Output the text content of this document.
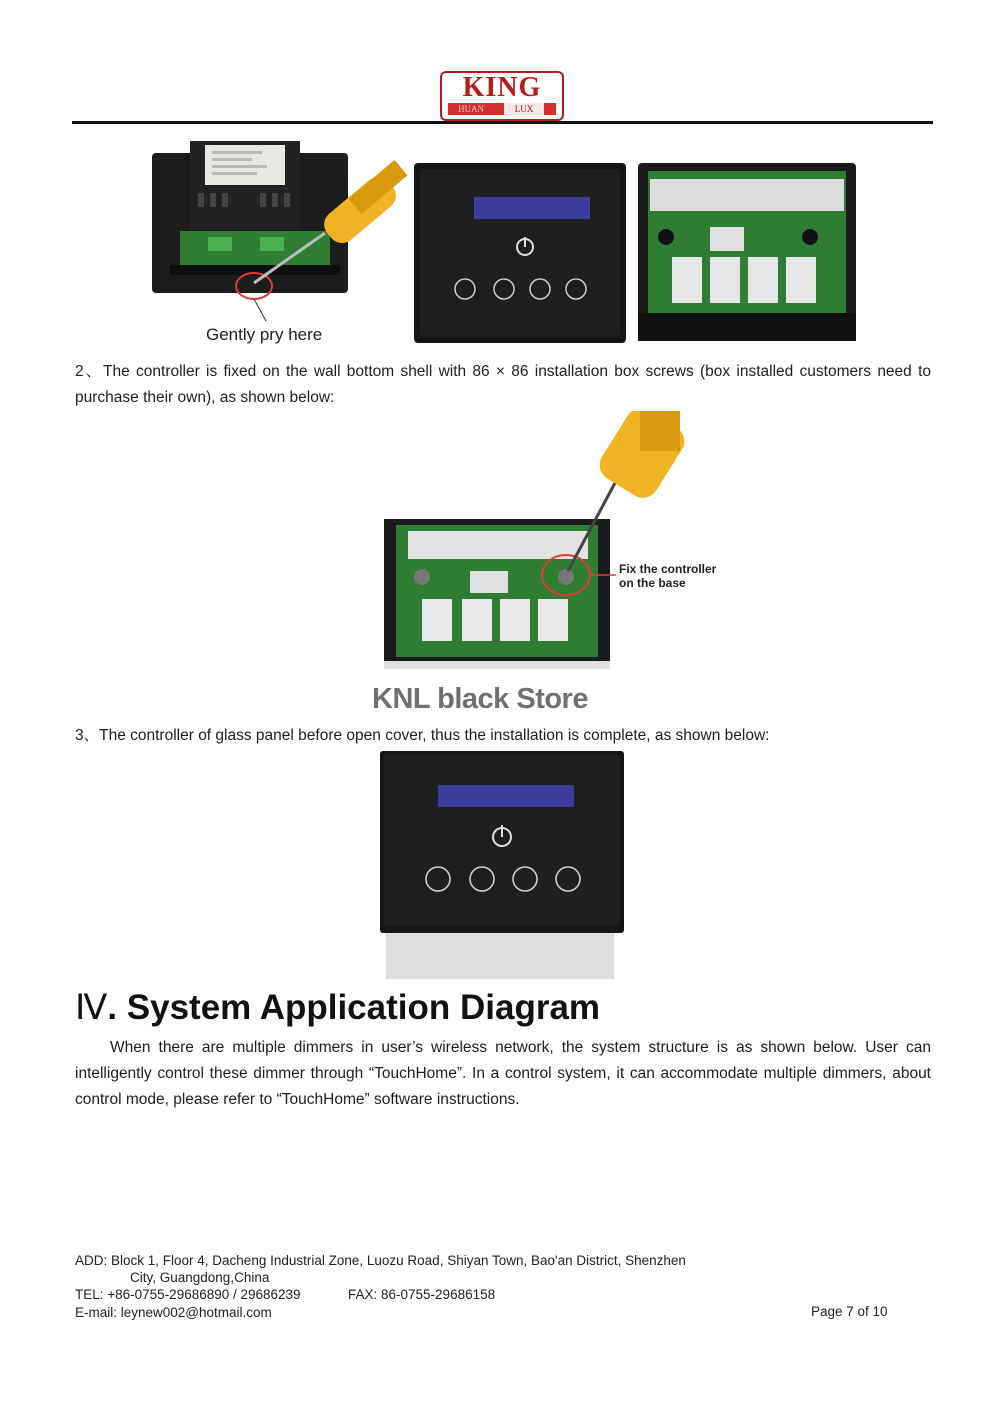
KING
HUAN	LUX
Gently pry here
2、The controller is fixed on the wall bottom shell with 86 × 86 installation box screws (box installed customers need to purchase their own), as shown below:
Fix the controller
on the base
KNL black Store
3、The controller of glass panel before open cover, thus the installation is complete, as shown below:
Ⅳ. System Application Diagram
When there are multiple dimmers in user’s wireless network, the system structure is as shown below. User can intelligently control these dimmer through “TouchHome”. In a control system, it can accommodate multiple dimmers, about control mode, please refer to “TouchHome” software instructions.
ADD: Block 1, Floor 4, Dacheng Industrial Zone, Luozu Road, Shiyan Town, Bao'an District, Shenzhen
City, Guangdong,China
TEL: +86-0755-29686890 / 29686239	FAX: 86-0755-29686158
E-mail: leynew002@hotmail.com	Page 7 of 10
